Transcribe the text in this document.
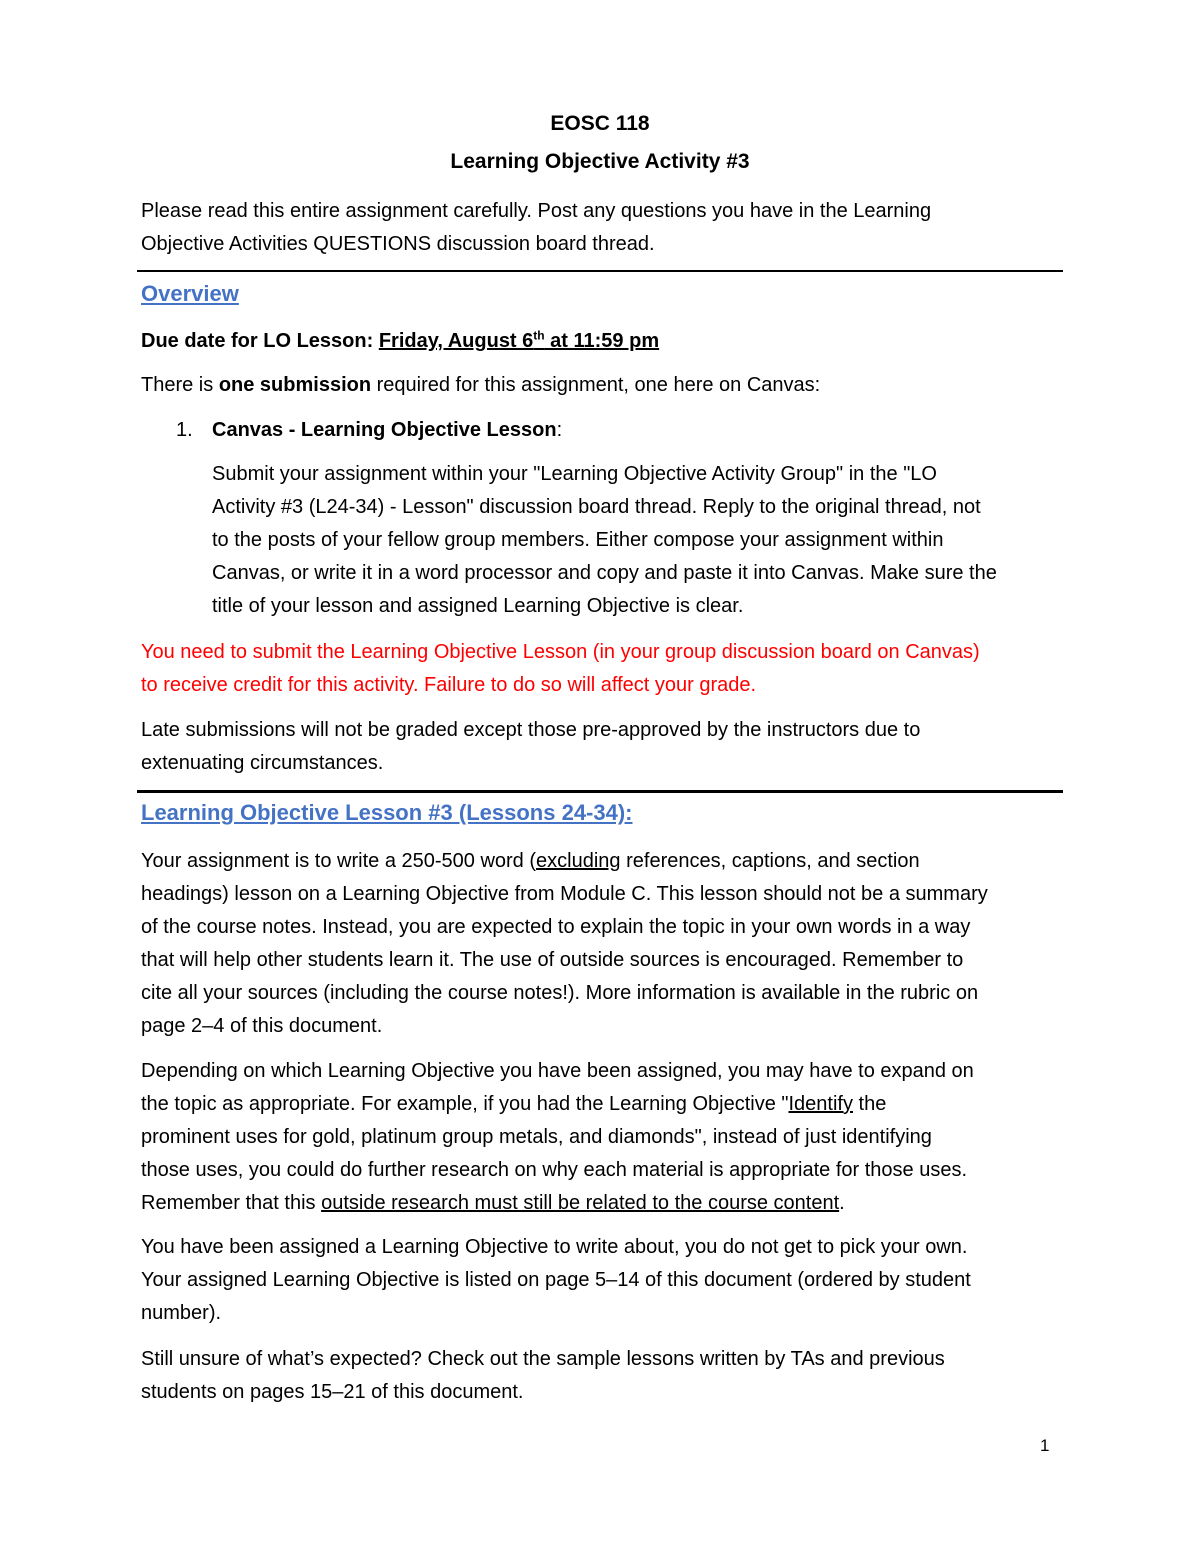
EOSC 118
Learning Objective Activity #3
Please read this entire assignment carefully. Post any questions you have in the Learning
Objective Activities QUESTIONS discussion board thread.
Overview
Due date for LO Lesson: Friday, August 6th at 11:59 pm
There is one submission required for this assignment, one here on Canvas:
1. Canvas - Learning Objective Lesson:
Submit your assignment within your "Learning Objective Activity Group" in the "LO
Activity #3 (L24-34) - Lesson" discussion board thread. Reply to the original thread, not
to the posts of your fellow group members. Either compose your assignment within
Canvas, or write it in a word processor and copy and paste it into Canvas. Make sure the
title of your lesson and assigned Learning Objective is clear.
You need to submit the Learning Objective Lesson (in your group discussion board on Canvas)
to receive credit for this activity. Failure to do so will affect your grade.
Late submissions will not be graded except those pre-approved by the instructors due to
extenuating circumstances.
Learning Objective Lesson #3 (Lessons 24-34):
Your assignment is to write a 250-500 word (excluding references, captions, and section
headings) lesson on a Learning Objective from Module C. This lesson should not be a summary
of the course notes. Instead, you are expected to explain the topic in your own words in a way
that will help other students learn it. The use of outside sources is encouraged. Remember to
cite all your sources (including the course notes!). More information is available in the rubric on
page 2–4 of this document.
Depending on which Learning Objective you have been assigned, you may have to expand on
the topic as appropriate. For example, if you had the Learning Objective "Identify the
prominent uses for gold, platinum group metals, and diamonds", instead of just identifying
those uses, you could do further research on why each material is appropriate for those uses.
Remember that this outside research must still be related to the course content.
You have been assigned a Learning Objective to write about, you do not get to pick your own.
Your assigned Learning Objective is listed on page 5–14 of this document (ordered by student
number).
Still unsure of what’s expected? Check out the sample lessons written by TAs and previous
students on pages 15–21 of this document.
1
